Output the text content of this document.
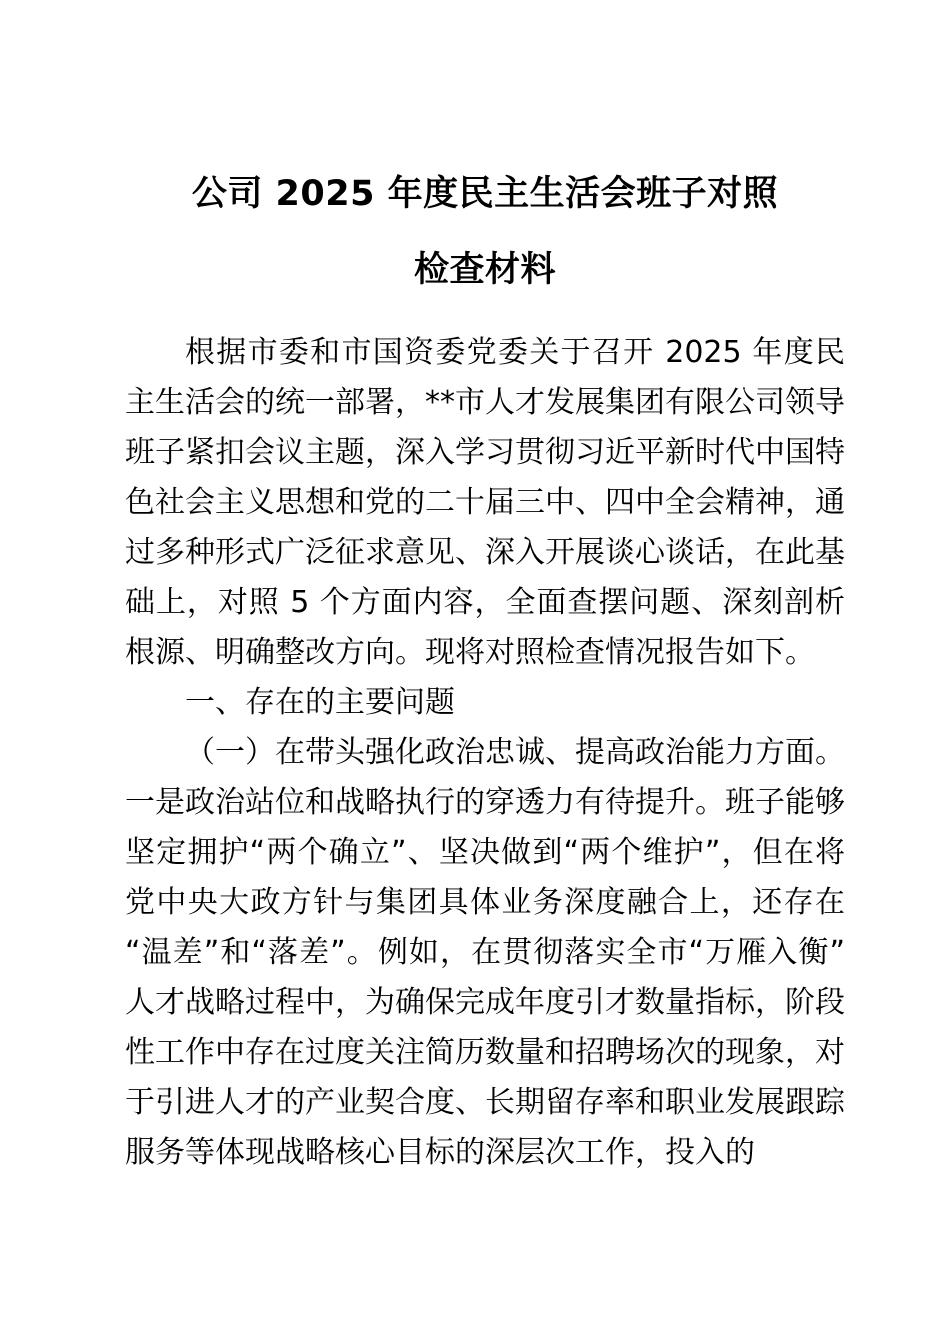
公司 2025 年度民主生活会班子对照
检查材料

根据市委和市国资委党委关于召开 2025 年度民主生活会的统一部署，**市人才发展集团有限公司领导班子紧扣会议主题，深入学习贯彻习近平新时代中国特色社会主义思想和党的二十届三中、四中全会精神，通过多种形式广泛征求意见、深入开展谈心谈话，在此基础上，对照 5 个方面内容，全面查摆问题、深刻剖析根源、明确整改方向。现将对照检查情况报告如下。

一、存在的主要问题

（一）在带头强化政治忠诚、提高政治能力方面。一是政治站位和战略执行的穿透力有待提升。班子能够坚定拥护“两个确立”、坚决做到“两个维护”，但在将党中央大政方针与集团具体业务深度融合上，还存在“温差”和“落差”。例如，在贯彻落实全市“万雁入衡”人才战略过程中，为确保完成年度引才数量指标，阶段性工作中存在过度关注简历数量和招聘场次的现象，对于引进人才的产业契合度、长期留存率和职业发展跟踪服务等体现战略核心目标的深层次工作，投入的
